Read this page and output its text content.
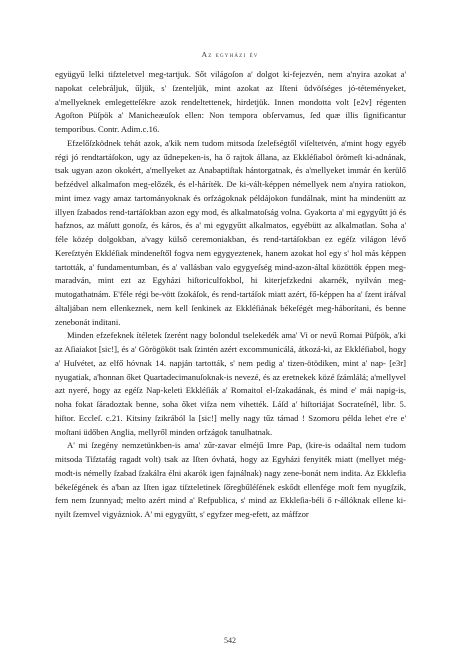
Az egyházi év

együgyű lelki tiſzteletvel meg-tartjuk. Sőt világoſon a' dolgot ki-fejezvén, nem a'nyira azokat a' napokat celebráljuk, űljük, s' ſzenteljük, mint azokat az Iſteni üdvöſséges jó-téteményeket, a'mellyeknek emlegetteſékre azok rendeltettenek, hirdetjük. Innen mondotta volt [e2v] régenten Agoſton Püſpök a' Manicheæuſok ellen: Non tempora obſervamus, ſed quæ illis ſignificantur temporibus. Contr. Adim.c.16.

Efzelőſzködnek tehát azok, a'kik nem tudom mitsoda ſzelefségtől viſeltetvén, a'mint hogy egyéb régi jó rendtartáſokon, ugy az űdnepeken-is, ha ő rajtok állana, az Ekkléſiabol örömeſt ki-adnának, tsak ugyan azon okokért, a'mellyeket az Anabaptiſtak hántorgatnak, és a'mellyeket immár én kerülő befzédvel alkalmafon meg-előzék, és el-háríték. De ki-vált-képpen némellyek nem a'nyira ratiokon, mint imez vagy amaz tartományoknak és orfzágoknak példájokon fundálnak, mint ha mindenütt az illyen ſzabados rend-tartáſokban azon egy mod, és alkalmatoſság volna. Gyakorta a' mi egygyűtt jó és hafznos, az máſutt gonoſz, és káros, és a' mi egygyűtt alkalmatos, egyébütt az alkalmatlan. Soha a' féle közép dolgokban, a'vagy külső ceremoniakban, és rend-tartáſokban ez egéſz világon lévő Kereſztyén Ekkléſiak mindeneſtől fogva nem egygyeztenek, hanem azokat hol egy s' hol más képpen tartották, a' fundamentumban, és a' vallásban valo egygyeſség mind-azon-által közöttök éppen meg-maradván, mint ezt az Egyházi hiſtoriculfokbol, hi kiterjefzkedni akarnék, nyilván meg-mutogathatnám. E'féle régi be-vött ſzokáſok, és rend-tartáſok miatt azért, fő-képpen ha a' ſzent iráſval általjában nem ellenkeznek, nem kell ſenkinek az Ekkléſiának békeſégét meg-háborítani, és benne zenebonát inditani.

Minden efzefeknek ítéletek ſzerént nagy bolondul tselekedék ama' Vi or nevű Romai Püſpök, a'ki az Aſiaiakot [sic!], és a' Görögököt tsak ſzintén azért excommunicálá, átkozá-ki, az Ekkléſiabol, hogy a' Huſvétet, az elfő hóvnak 14. napján tartották, s' nem pedig a' tizen-ötödiken, mint a' nap- [e3r] nyugatiak, a'honnan őket Quartadecimanuſoknak-is nevezé, és az eretnekek közé ſzámlálá; a'mellyvel azt nyeré, hogy az egéſz Nap-keleti Ekkléſiák a' Romaitol el-ſzakadának, és mind e' mái napig-is, noha fokat ſáradoztak benne, soha őket viſza nem vihették. Láſd a' hiſtoriájat Socrateſnél, libr. 5. hiſtor. Eccleſ. c.21. Kitsiny ſzikrából la [sic!] melly nagy tűz támad ! Szomoru példa lehet e're e' moſtani üdőben Anglia, mellyről minden orfzágok tanulhatnak.

A' mi ſzegény nemzetünkben-is ama' zűr-zavar elméjű Imre Pap, (kire-is odaáltal nem tudom mitsoda Tiſztafág ragadt volt) tsak az Iſten óvhatá, hogy az Egyházi fenyiték miatt (mellyet még-mođt-is némelly ſzabad ſzakálra élni akarók igen fajnálnak) nagy zene-bonát nem indita. Az Ekklefia békeſégének és a'ban az Iſten igaz tiſzteletinek ſőregbűléſének eskődt ellenfége moſt fem nyugſzik, fem nem ſzunnyad; melto azért mind a' Refpublica, s' mind az Ekkleſia-béli ő r-állóknak ellene ki-nyilt ſzemvel vigyázniok. A' mi egygyűtt, s' egyfzer meg-efett, az máffzor

542
